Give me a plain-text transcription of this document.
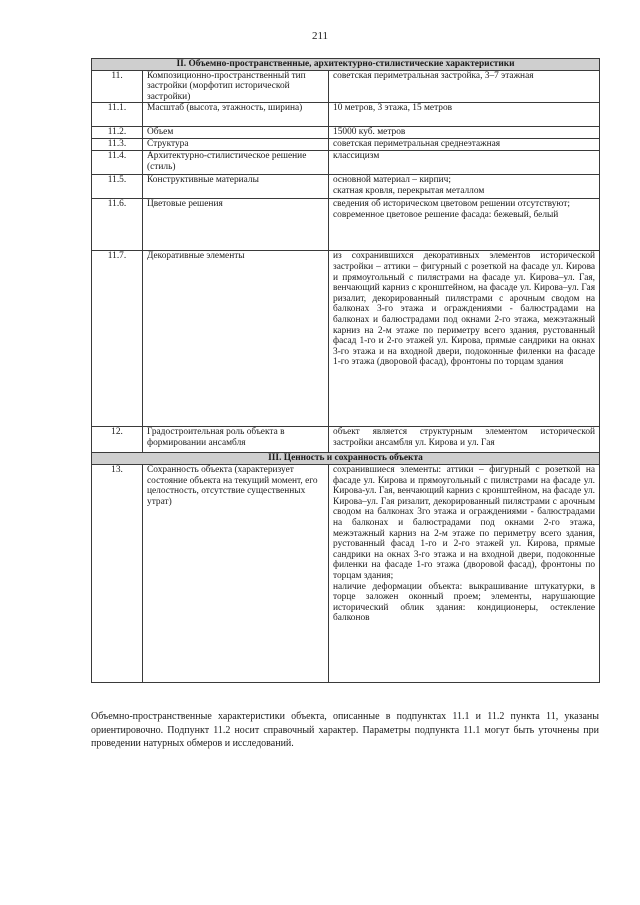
211
II. Объемно-пространственные, архитектурно-стилистические характеристики		
11.	Композиционно-пространственный тип застройки (морфотип исторической застройки)	советская периметральная застройка, 3–7 этажная
11.1.	Масштаб (высота, этажность, ширина)	10 метров, 3 этажа, 15 метров
11.2.	Объем	15000 куб. метров
11.3.	Структура	советская периметральная среднеэтажная
11.4.	Архитектурно-стилистическое решение (стиль)	классицизм
11.5.	Конструктивные материалы	основной материал – кирпич;
скатная кровля, перекрытая металлом

11.6.	Цветовые решения	сведения об историческом цветовом решении отсутствуют;
современное цветовое решение фасада: бежевый, белый

11.7.	Декоративные элементы	из сохранившихся декоративных элементов исторической застройки – аттики – фигурный с розеткой на фасаде ул. Кирова и прямоугольный с пилястрами на фасаде ул. Кирова–ул. Гая, венчающий карниз с кронштейном, на фасаде ул. Кирова–ул. Гая ризалит, декорированный пилястрами с арочным сводом на балконах 3-го этажа и ограждениями - балюстрадами на балконах и балюстрадами под окнами 2-го этажа, межэтажный карниз на 2-м этаже по периметру всего здания, рустованный фасад 1-го и 2-го этажей ул. Кирова, прямые сандрики на окнах 3-го этажа и на входной двери, подоконные филенки на фасаде 1-го этажа (дворовой фасад), фронтоны по торцам здания
12.	Градостроительная роль объекта в формировании ансамбля	объект является структурным элементом исторической застройки ансамбля ул. Кирова и ул. Гая
III. Ценность и сохранность объекта		
13.	Сохранность объекта (характеризует состояние объекта на текущий момент, его целостность, отсутствие существенных утрат)	сохранившиеся элементы: аттики – фигурный с розеткой на фасаде ул. Кирова и прямоугольный с пилястрами на фасаде ул. Кирова-ул. Гая, венчающий карниз с кронштейном, на фасаде ул. Кирова–ул. Гая ризалит, декорированный пилястрами с арочным сводом на балконах 3го этажа и ограждениями - балюстрадами на балконах и балюстрадами под окнами 2-го этажа, межэтажный карниз на 2-м этаже по периметру всего здания, рустованный фасад 1-го и 2-го этажей ул. Кирова, прямые сандрики на окнах 3-го этажа и на входной двери, подоконные филенки на фасаде 1-го этажа (дворовой фасад), фронтоны по торцам здания;
наличие деформации объекта: выкрашивание штукатурки, в торце заложен оконный проем; элементы, нарушающие исторический облик здания: кондиционеры, остекление балконов
Объемно-пространственные характеристики объекта, описанные в подпунктах 11.1 и 11.2 пункта 11, указаны ориентировочно. Подпункт 11.2 носит справочный характер. Параметры подпункта 11.1 могут быть уточнены при проведении натурных обмеров и исследований.
